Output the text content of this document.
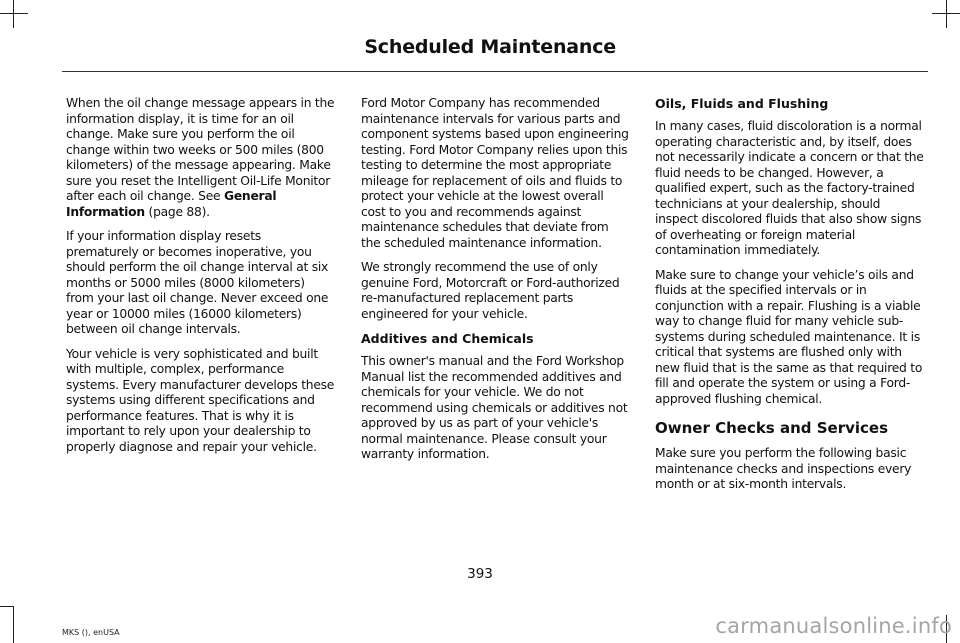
Scheduled Maintenance

When the oil change message appears in the information display, it is time for an oil change. Make sure you perform the oil change within two weeks or 500 miles (800 kilometers) of the message appearing. Make sure you reset the Intelligent Oil-Life Monitor after each oil change. See General Information (page 88).

If your information display resets prematurely or becomes inoperative, you should perform the oil change interval at six months or 5000 miles (8000 kilometers) from your last oil change. Never exceed one year or 10000 miles (16000 kilometers) between oil change intervals.

Your vehicle is very sophisticated and built with multiple, complex, performance systems. Every manufacturer develops these systems using different specifications and performance features. That is why it is important to rely upon your dealership to properly diagnose and repair your vehicle.

Ford Motor Company has recommended maintenance intervals for various parts and component systems based upon engineering testing. Ford Motor Company relies upon this testing to determine the most appropriate mileage for replacement of oils and fluids to protect your vehicle at the lowest overall cost to you and recommends against maintenance schedules that deviate from the scheduled maintenance information.

We strongly recommend the use of only genuine Ford, Motorcraft or Ford-authorized re-manufactured replacement parts engineered for your vehicle.

Additives and Chemicals

This owner's manual and the Ford Workshop Manual list the recommended additives and chemicals for your vehicle. We do not recommend using chemicals or additives not approved by us as part of your vehicle's normal maintenance. Please consult your warranty information.

Oils, Fluids and Flushing

In many cases, fluid discoloration is a normal operating characteristic and, by itself, does not necessarily indicate a concern or that the fluid needs to be changed. However, a qualified expert, such as the factory-trained technicians at your dealership, should inspect discolored fluids that also show signs of overheating or foreign material contamination immediately.

Make sure to change your vehicle’s oils and fluids at the specified intervals or in conjunction with a repair. Flushing is a viable way to change fluid for many vehicle sub-systems during scheduled maintenance. It is critical that systems are flushed only with new fluid that is the same as that required to fill and operate the system or using a Ford-approved flushing chemical.

Owner Checks and Services

Make sure you perform the following basic maintenance checks and inspections every month or at six-month intervals.

393
MKS (), enUSA	carmanualsonline.info
